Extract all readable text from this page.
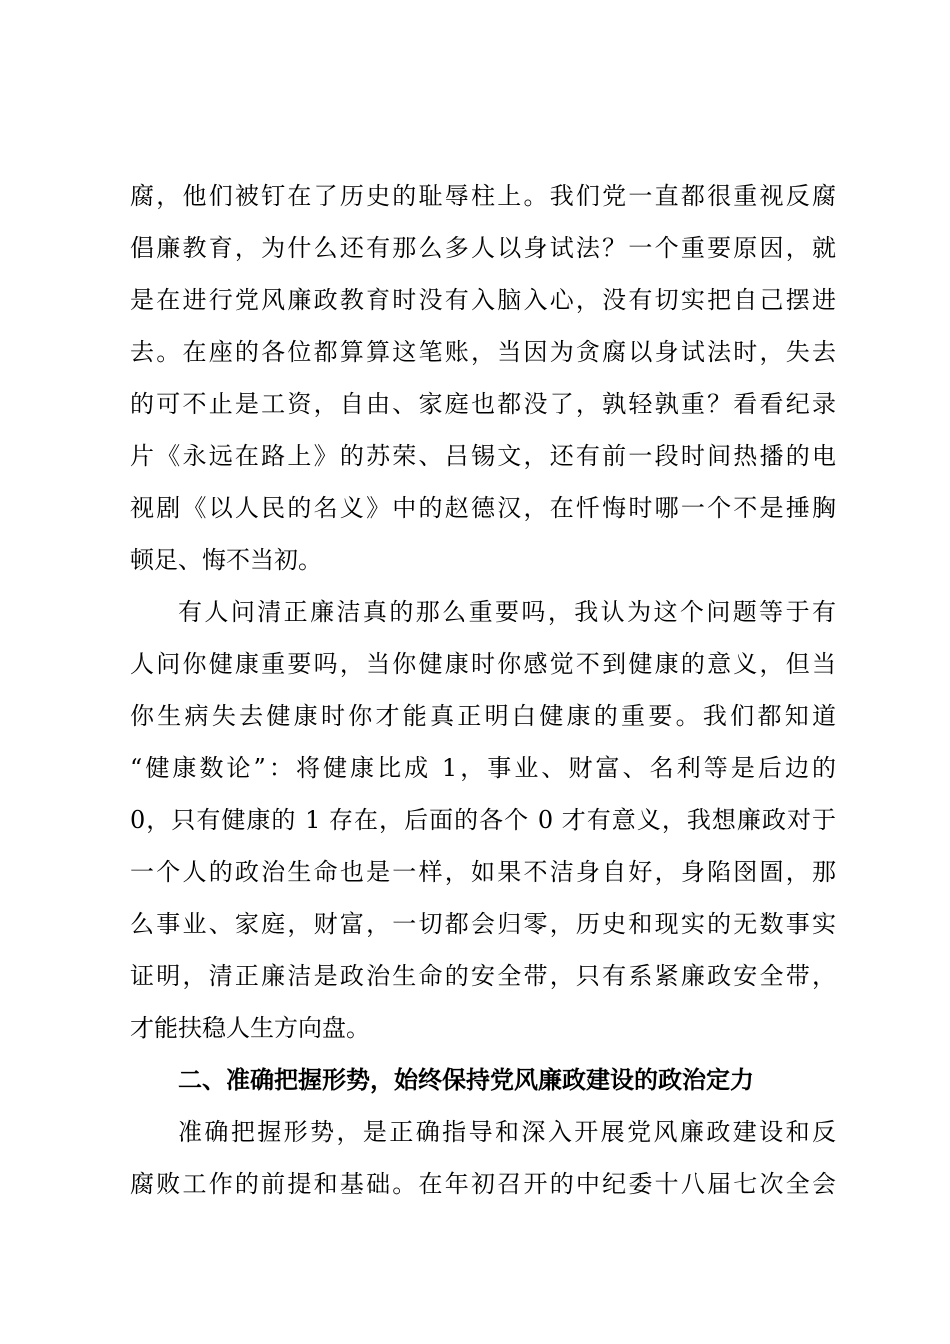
腐，他们被钉在了历史的耻辱柱上。我们党一直都很重视反腐
倡廉教育，为什么还有那么多人以身试法？一个重要原因，就
是在进行党风廉政教育时没有入脑入心，没有切实把自己摆进
去。在座的各位都算算这笔账，当因为贪腐以身试法时，失去
的可不止是工资，自由、家庭也都没了，孰轻孰重？看看纪录
片《永远在路上》的苏荣、吕锡文，还有前一段时间热播的电
视剧《以人民的名义》中的赵德汉，在忏悔时哪一个不是捶胸
顿足、悔不当初。
有人问清正廉洁真的那么重要吗，我认为这个问题等于有
人问你健康重要吗，当你健康时你感觉不到健康的意义，但当
你生病失去健康时你才能真正明白健康的重要。我们都知道
“健康数论”：将健康比成 1，事业、财富、名利等是后边的
0，只有健康的 1 存在，后面的各个 0 才有意义，我想廉政对于
一个人的政治生命也是一样，如果不洁身自好，身陷囹圄，那
么事业、家庭，财富，一切都会归零，历史和现实的无数事实
证明，清正廉洁是政治生命的安全带，只有系紧廉政安全带，
才能扶稳人生方向盘。
二、准确把握形势，始终保持党风廉政建设的政治定力
准确把握形势，是正确指导和深入开展党风廉政建设和反
腐败工作的前提和基础。在年初召开的中纪委十八届七次全会
